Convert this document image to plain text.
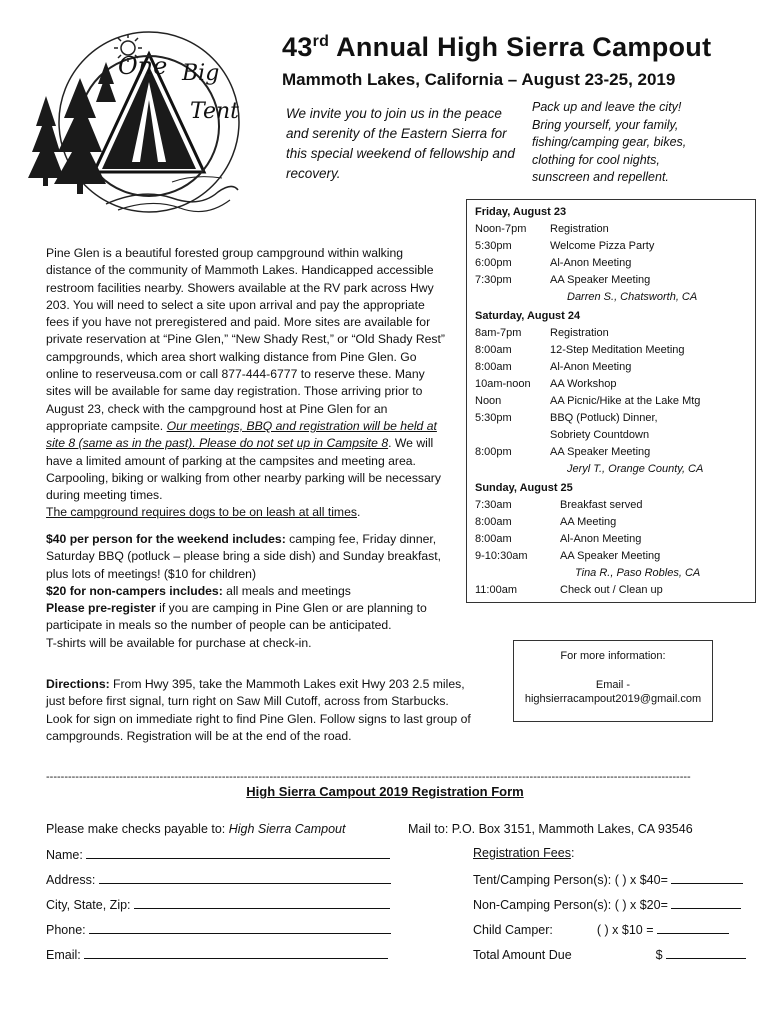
One Big
Tent
43rd Annual High Sierra Campout
Mammoth Lakes, California – August 23-25, 2019
We invite you to join us in the peace and serenity of the Eastern Sierra for this special weekend of fellowship and recovery.
Pack up and leave the city!
Bring yourself, your family,
fishing/camping gear, bikes,
clothing for cool nights,
sunscreen and repellent.

Pine Glen is a beautiful forested group campground within walking distance of the community of Mammoth Lakes. Handicapped accessible restroom facilities nearby. Showers available at the RV park across Hwy 203. You will need to select a site upon arrival and pay the appropriate fees if you have not preregistered and paid. More sites are available for private reservation at “Pine Glen,” “New Shady Rest,” or “Old Shady Rest” campgrounds, which area short walking distance from Pine Glen. Go online to reserveusa.com or call 877-444-6777 to reserve these. Many sites will be available for same day registration. Those arriving prior to August 23, check with the campground host at Pine Glen for an appropriate campsite. Our meetings, BBQ and registration will be held at site 8 (same as in the past). Please do not set up in Campsite 8. We will have a limited amount of parking at the campsites and meeting area. Carpooling, biking or walking from other nearby parking will be necessary during meeting times.

The campground requires dogs to be on leash at all times.

$40 per person for the weekend includes: camping fee, Friday dinner, Saturday BBQ (potluck – please bring a side dish) and Sunday breakfast, plus lots of meetings! ($10 for children)
$20 for non-campers includes: all meals and meetings
Please pre-register if you are camping in Pine Glen or are planning to participate in meals so the number of people can be anticipated.
T-shirts will be available for purchase at check-in.
Directions: From Hwy 395, take the Mammoth Lakes exit Hwy 203 2.5 miles, just before first signal, turn right on Saw Mill Cutoff, across from Starbucks. Look for sign on immediate right to find Pine Glen. Follow signs to last group of campgrounds. Registration will be at the end of the road.
Friday, August 23
Noon-7pm	Registration
5:30pm	Welcome Pizza Party
6:00pm	Al-Anon Meeting
7:30pm	AA Speaker Meeting
Darren S., Chatsworth, CA
Saturday, August 24
8am-7pm	Registration
8:00am	12-Step Meditation Meeting
8:00am	Al-Anon Meeting
10am-noon	AA Workshop
Noon	AA Picnic/Hike at the Lake Mtg
5:30pm	BBQ (Potluck) Dinner,
Sobriety Countdown
8:00pm	AA Speaker Meeting
Jeryl T., Orange County, CA
Sunday, August 25
7:30am	Breakfast served
8:00am	AA Meeting
8:00am	Al-Anon Meeting
9-10:30am	AA Speaker Meeting
Tina R., Paso Robles, CA
11:00am	Check out / Clean up
For more information:
Email -
highsierracampout2019@gmail.com
--------------------------------------------------------------------------------------------------------------------------------------------------------------------------------
High Sierra Campout 2019 Registration Form
Please make checks payable to: High Sierra Campout	Mail to: P.O. Box 3151, Mammoth Lakes, CA 93546
Name:
Address:
City, State, Zip:
Phone:
Email:
Registration Fees:
Tent/Camping Person(s): ( ) x $40=
Non-Camping Person(s): ( ) x $20=
Child Camper:	( ) x $10 =
Total Amount Due	$
